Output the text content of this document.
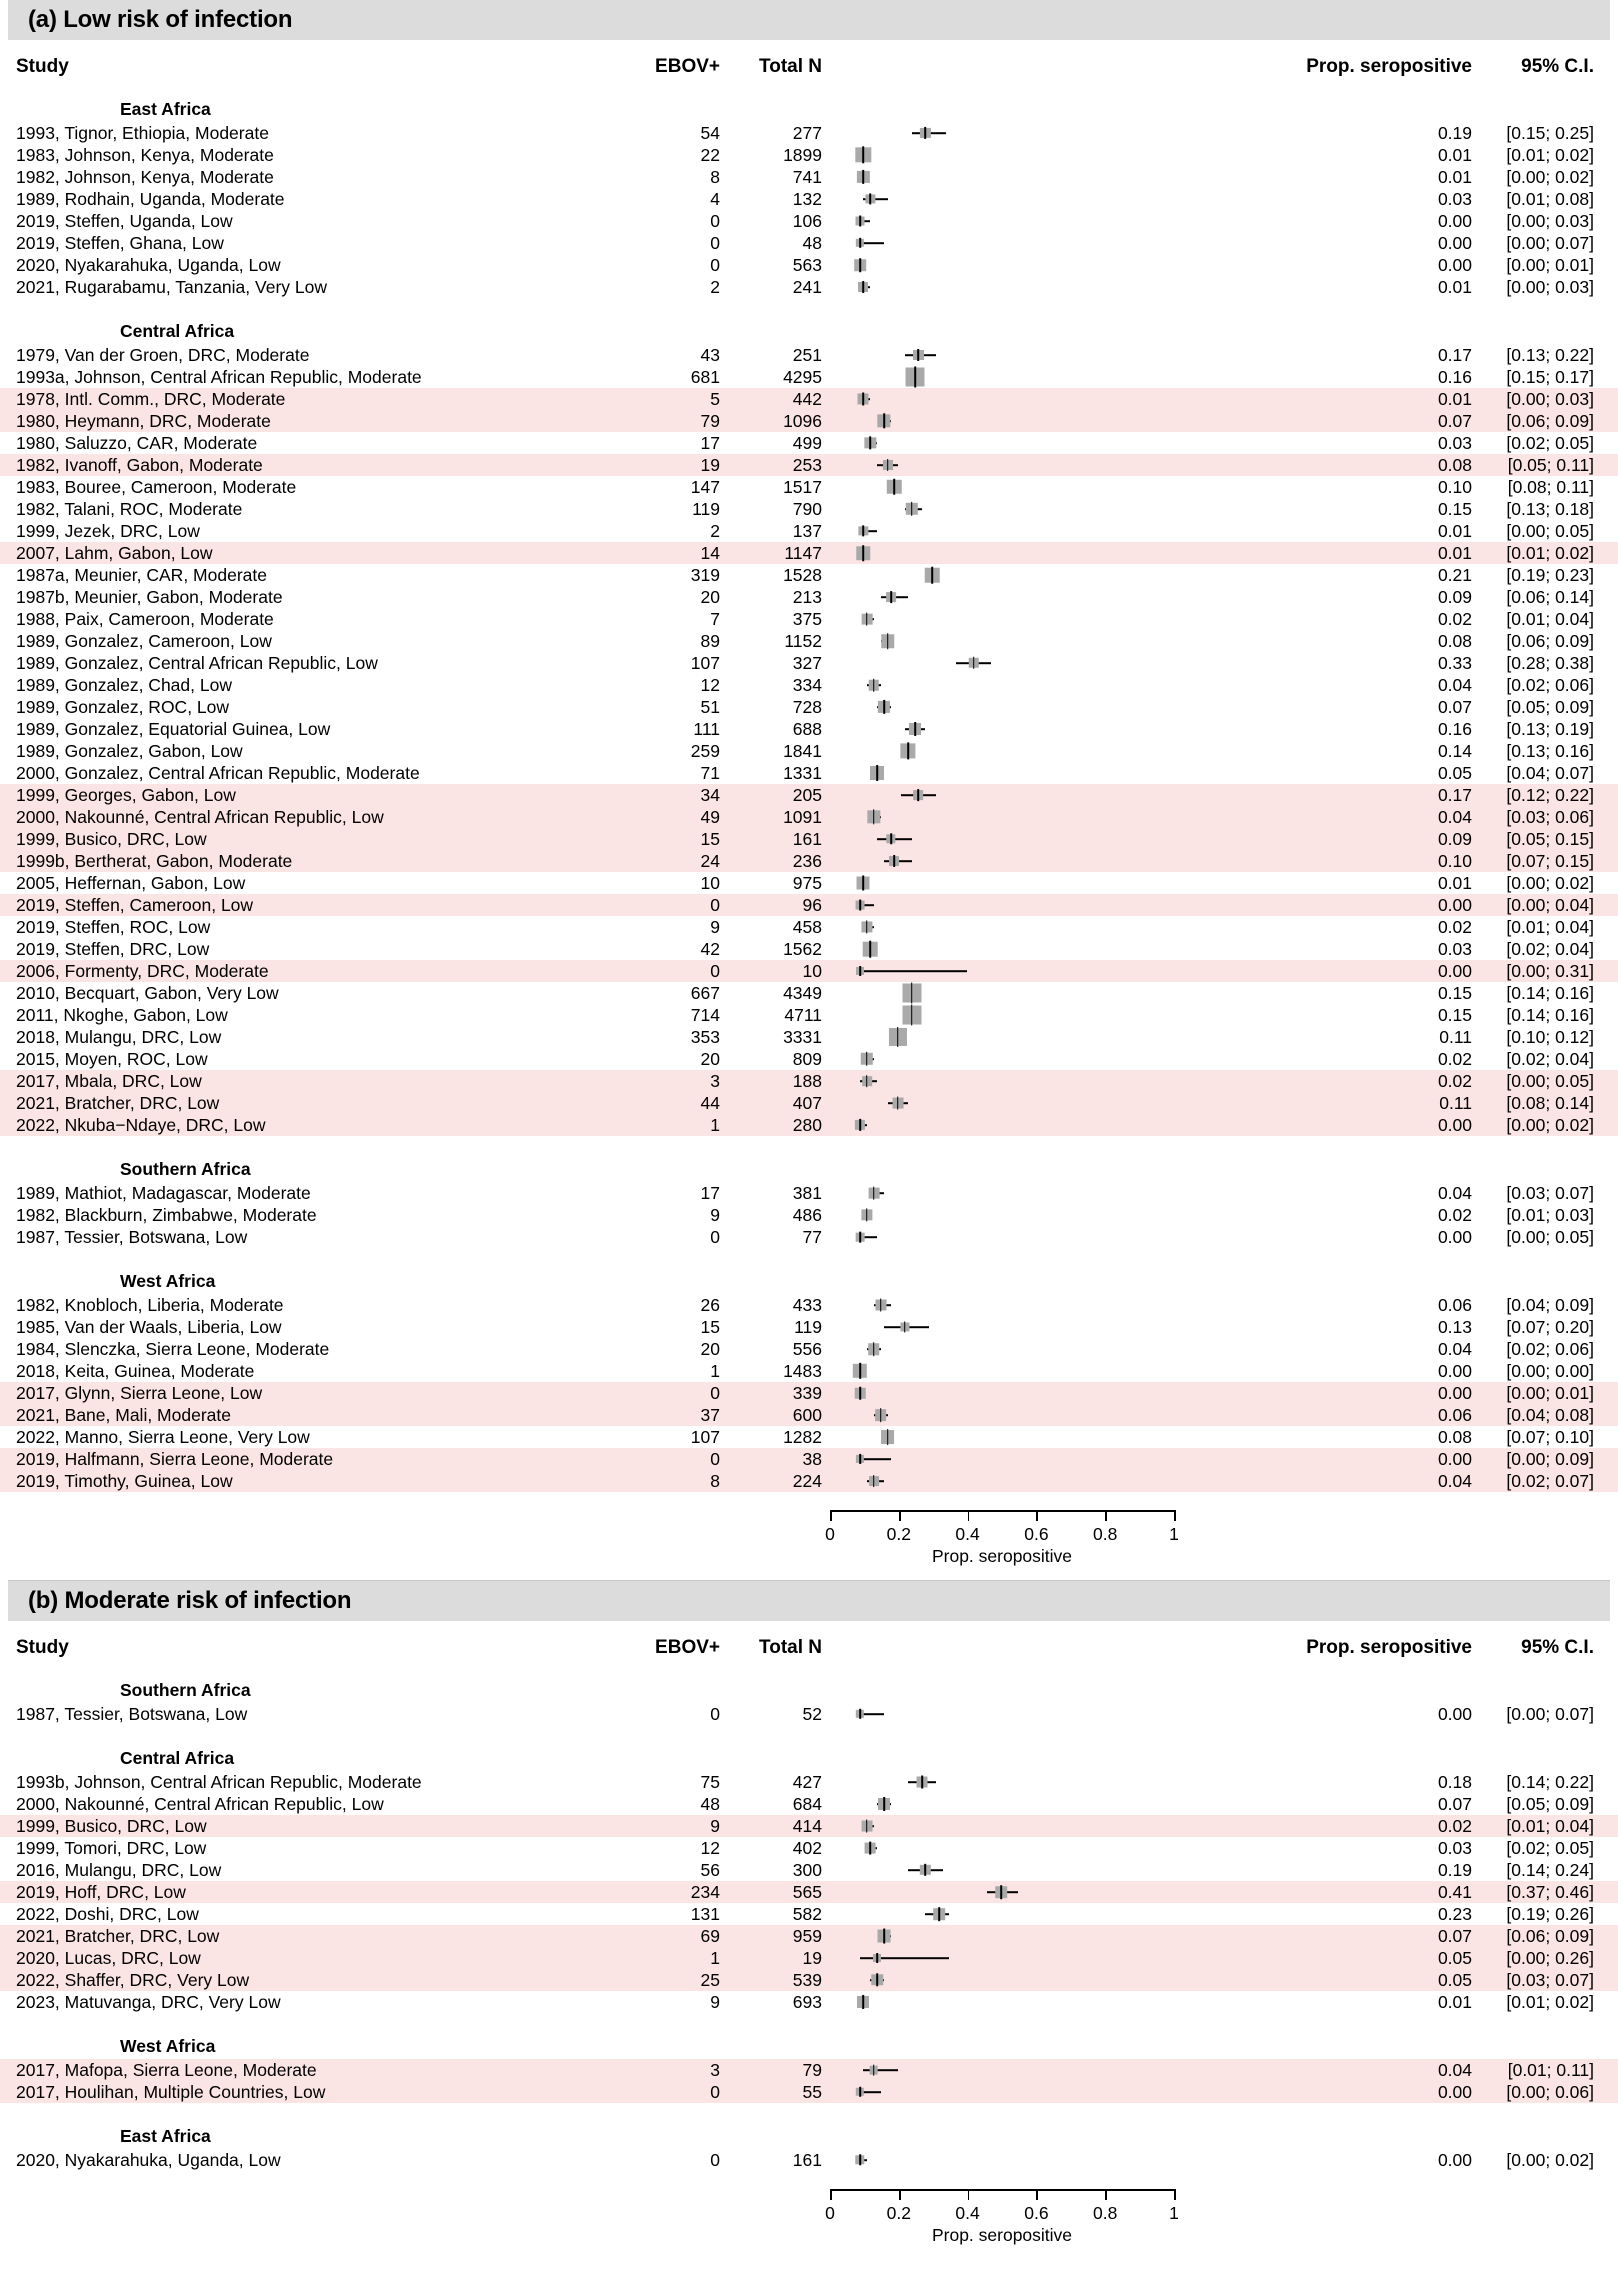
(a) Low risk of infection
Study	EBOV+	Total N	Prop. seropositive	95% C.I.
East Africa
1993, Tignor, Ethiopia, Moderate	54	277	0.19	[0.15; 0.25]
1983, Johnson, Kenya, Moderate	22	1899	0.01	[0.01; 0.02]
1982, Johnson, Kenya, Moderate	8	741	0.01	[0.00; 0.02]
1989, Rodhain, Uganda, Moderate	4	132	0.03	[0.01; 0.08]
2019, Steffen, Uganda, Low	0	106	0.00	[0.00; 0.03]
2019, Steffen, Ghana, Low	0	48	0.00	[0.00; 0.07]
2020, Nyakarahuka, Uganda, Low	0	563	0.00	[0.00; 0.01]
2021, Rugarabamu, Tanzania, Very Low	2	241	0.01	[0.00; 0.03]
Central Africa
1979, Van der Groen, DRC, Moderate	43	251	0.17	[0.13; 0.22]
1993a, Johnson, Central African Republic, Moderate	681	4295	0.16	[0.15; 0.17]
1978, Intl. Comm., DRC, Moderate	5	442	0.01	[0.00; 0.03]
1980, Heymann, DRC, Moderate	79	1096	0.07	[0.06; 0.09]
1980, Saluzzo, CAR, Moderate	17	499	0.03	[0.02; 0.05]
1982, Ivanoff, Gabon, Moderate	19	253	0.08	[0.05; 0.11]
1983, Bouree, Cameroon, Moderate	147	1517	0.10	[0.08; 0.11]
1982, Talani, ROC, Moderate	119	790	0.15	[0.13; 0.18]
1999, Jezek, DRC, Low	2	137	0.01	[0.00; 0.05]
2007, Lahm, Gabon, Low	14	1147	0.01	[0.01; 0.02]
1987a, Meunier, CAR, Moderate	319	1528	0.21	[0.19; 0.23]
1987b, Meunier, Gabon, Moderate	20	213	0.09	[0.06; 0.14]
1988, Paix, Cameroon, Moderate	7	375	0.02	[0.01; 0.04]
1989, Gonzalez, Cameroon, Low	89	1152	0.08	[0.06; 0.09]
1989, Gonzalez, Central African Republic, Low	107	327	0.33	[0.28; 0.38]
1989, Gonzalez, Chad, Low	12	334	0.04	[0.02; 0.06]
1989, Gonzalez, ROC, Low	51	728	0.07	[0.05; 0.09]
1989, Gonzalez, Equatorial Guinea, Low	111	688	0.16	[0.13; 0.19]
1989, Gonzalez, Gabon, Low	259	1841	0.14	[0.13; 0.16]
2000, Gonzalez, Central African Republic, Moderate	71	1331	0.05	[0.04; 0.07]
1999, Georges, Gabon, Low	34	205	0.17	[0.12; 0.22]
2000, Nakounné, Central African Republic, Low	49	1091	0.04	[0.03; 0.06]
1999, Busico, DRC, Low	15	161	0.09	[0.05; 0.15]
1999b, Bertherat, Gabon, Moderate	24	236	0.10	[0.07; 0.15]
2005, Heffernan, Gabon, Low	10	975	0.01	[0.00; 0.02]
2019, Steffen, Cameroon, Low	0	96	0.00	[0.00; 0.04]
2019, Steffen, ROC, Low	9	458	0.02	[0.01; 0.04]
2019, Steffen, DRC, Low	42	1562	0.03	[0.02; 0.04]
2006, Formenty, DRC, Moderate	0	10	0.00	[0.00; 0.31]
2010, Becquart, Gabon, Very Low	667	4349	0.15	[0.14; 0.16]
2011, Nkoghe, Gabon, Low	714	4711	0.15	[0.14; 0.16]
2018, Mulangu, DRC, Low	353	3331	0.11	[0.10; 0.12]
2015, Moyen, ROC, Low	20	809	0.02	[0.02; 0.04]
2017, Mbala, DRC, Low	3	188	0.02	[0.00; 0.05]
2021, Bratcher, DRC, Low	44	407	0.11	[0.08; 0.14]
2022, Nkuba−Ndaye, DRC, Low	1	280	0.00	[0.00; 0.02]
Southern Africa
1989, Mathiot, Madagascar, Moderate	17	381	0.04	[0.03; 0.07]
1982, Blackburn, Zimbabwe, Moderate	9	486	0.02	[0.01; 0.03]
1987, Tessier, Botswana, Low	0	77	0.00	[0.00; 0.05]
West Africa
1982, Knobloch, Liberia, Moderate	26	433	0.06	[0.04; 0.09]
1985, Van der Waals, Liberia, Low	15	119	0.13	[0.07; 0.20]
1984, Slenczka, Sierra Leone, Moderate	20	556	0.04	[0.02; 0.06]
2018, Keita, Guinea, Moderate	1	1483	0.00	[0.00; 0.00]
2017, Glynn, Sierra Leone, Low	0	339	0.00	[0.00; 0.01]
2021, Bane, Mali, Moderate	37	600	0.06	[0.04; 0.08]
2022, Manno, Sierra Leone, Very Low	107	1282	0.08	[0.07; 0.10]
2019, Halfmann, Sierra Leone, Moderate	0	38	0.00	[0.00; 0.09]
2019, Timothy, Guinea, Low	8	224	0.04	[0.02; 0.07]
0	0.2	0.4	0.6	0.8	1
Prop. seropositive
(b) Moderate risk of infection
Study	EBOV+	Total N	Prop. seropositive	95% C.I.
Southern Africa
1987, Tessier, Botswana, Low	0	52	0.00	[0.00; 0.07]
Central Africa
1993b, Johnson, Central African Republic, Moderate	75	427	0.18	[0.14; 0.22]
2000, Nakounné, Central African Republic, Low	48	684	0.07	[0.05; 0.09]
1999, Busico, DRC, Low	9	414	0.02	[0.01; 0.04]
1999, Tomori, DRC, Low	12	402	0.03	[0.02; 0.05]
2016, Mulangu, DRC, Low	56	300	0.19	[0.14; 0.24]
2019, Hoff, DRC, Low	234	565	0.41	[0.37; 0.46]
2022, Doshi, DRC, Low	131	582	0.23	[0.19; 0.26]
2021, Bratcher, DRC, Low	69	959	0.07	[0.06; 0.09]
2020, Lucas, DRC, Low	1	19	0.05	[0.00; 0.26]
2022, Shaffer, DRC, Very Low	25	539	0.05	[0.03; 0.07]
2023, Matuvanga, DRC, Very Low	9	693	0.01	[0.01; 0.02]
West Africa
2017, Mafopa, Sierra Leone, Moderate	3	79	0.04	[0.01; 0.11]
2017, Houlihan, Multiple Countries, Low	0	55	0.00	[0.00; 0.06]
East Africa
2020, Nyakarahuka, Uganda, Low	0	161	0.00	[0.00; 0.02]
0	0.2	0.4	0.6	0.8	1
Prop. seropositive
